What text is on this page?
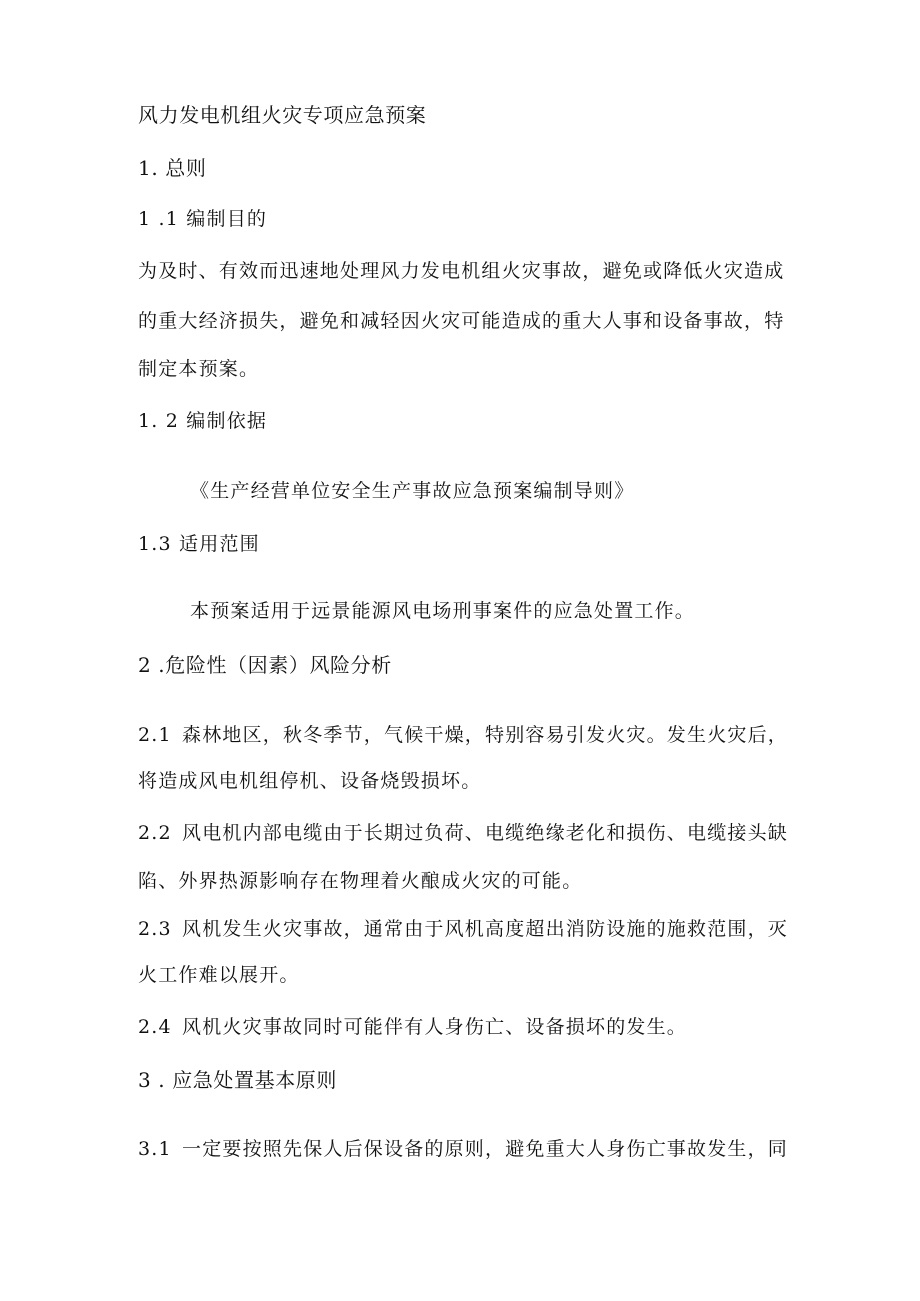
风力发电机组火灾专项应急预案
1. 总则
1 .1 编制目的
为及时、有效而迅速地处理风力发电机组火灾事故，避免或降低火灾造成
的重大经济损失，避免和减轻因火灾可能造成的重大人事和设备事故，特
制定本预案。
1. 2 编制依据
《生产经营单位安全生产事故应急预案编制导则》
1.3 适用范围
本预案适用于远景能源风电场刑事案件的应急处置工作。
2 .危险性（因素）风险分析
2.1 森林地区，秋冬季节，气候干燥，特别容易引发火灾。发生火灾后，
将造成风电机组停机、设备烧毁损坏。
2.2 风电机内部电缆由于长期过负荷、电缆绝缘老化和损伤、电缆接头缺
陷、外界热源影响存在物理着火酿成火灾的可能。
2.3 风机发生火灾事故，通常由于风机高度超出消防设施的施救范围，灭
火工作难以展开。
2.4 风机火灾事故同时可能伴有人身伤亡、设备损坏的发生。
3 . 应急处置基本原则
3.1 一定要按照先保人后保设备的原则，避免重大人身伤亡事故发生，同
